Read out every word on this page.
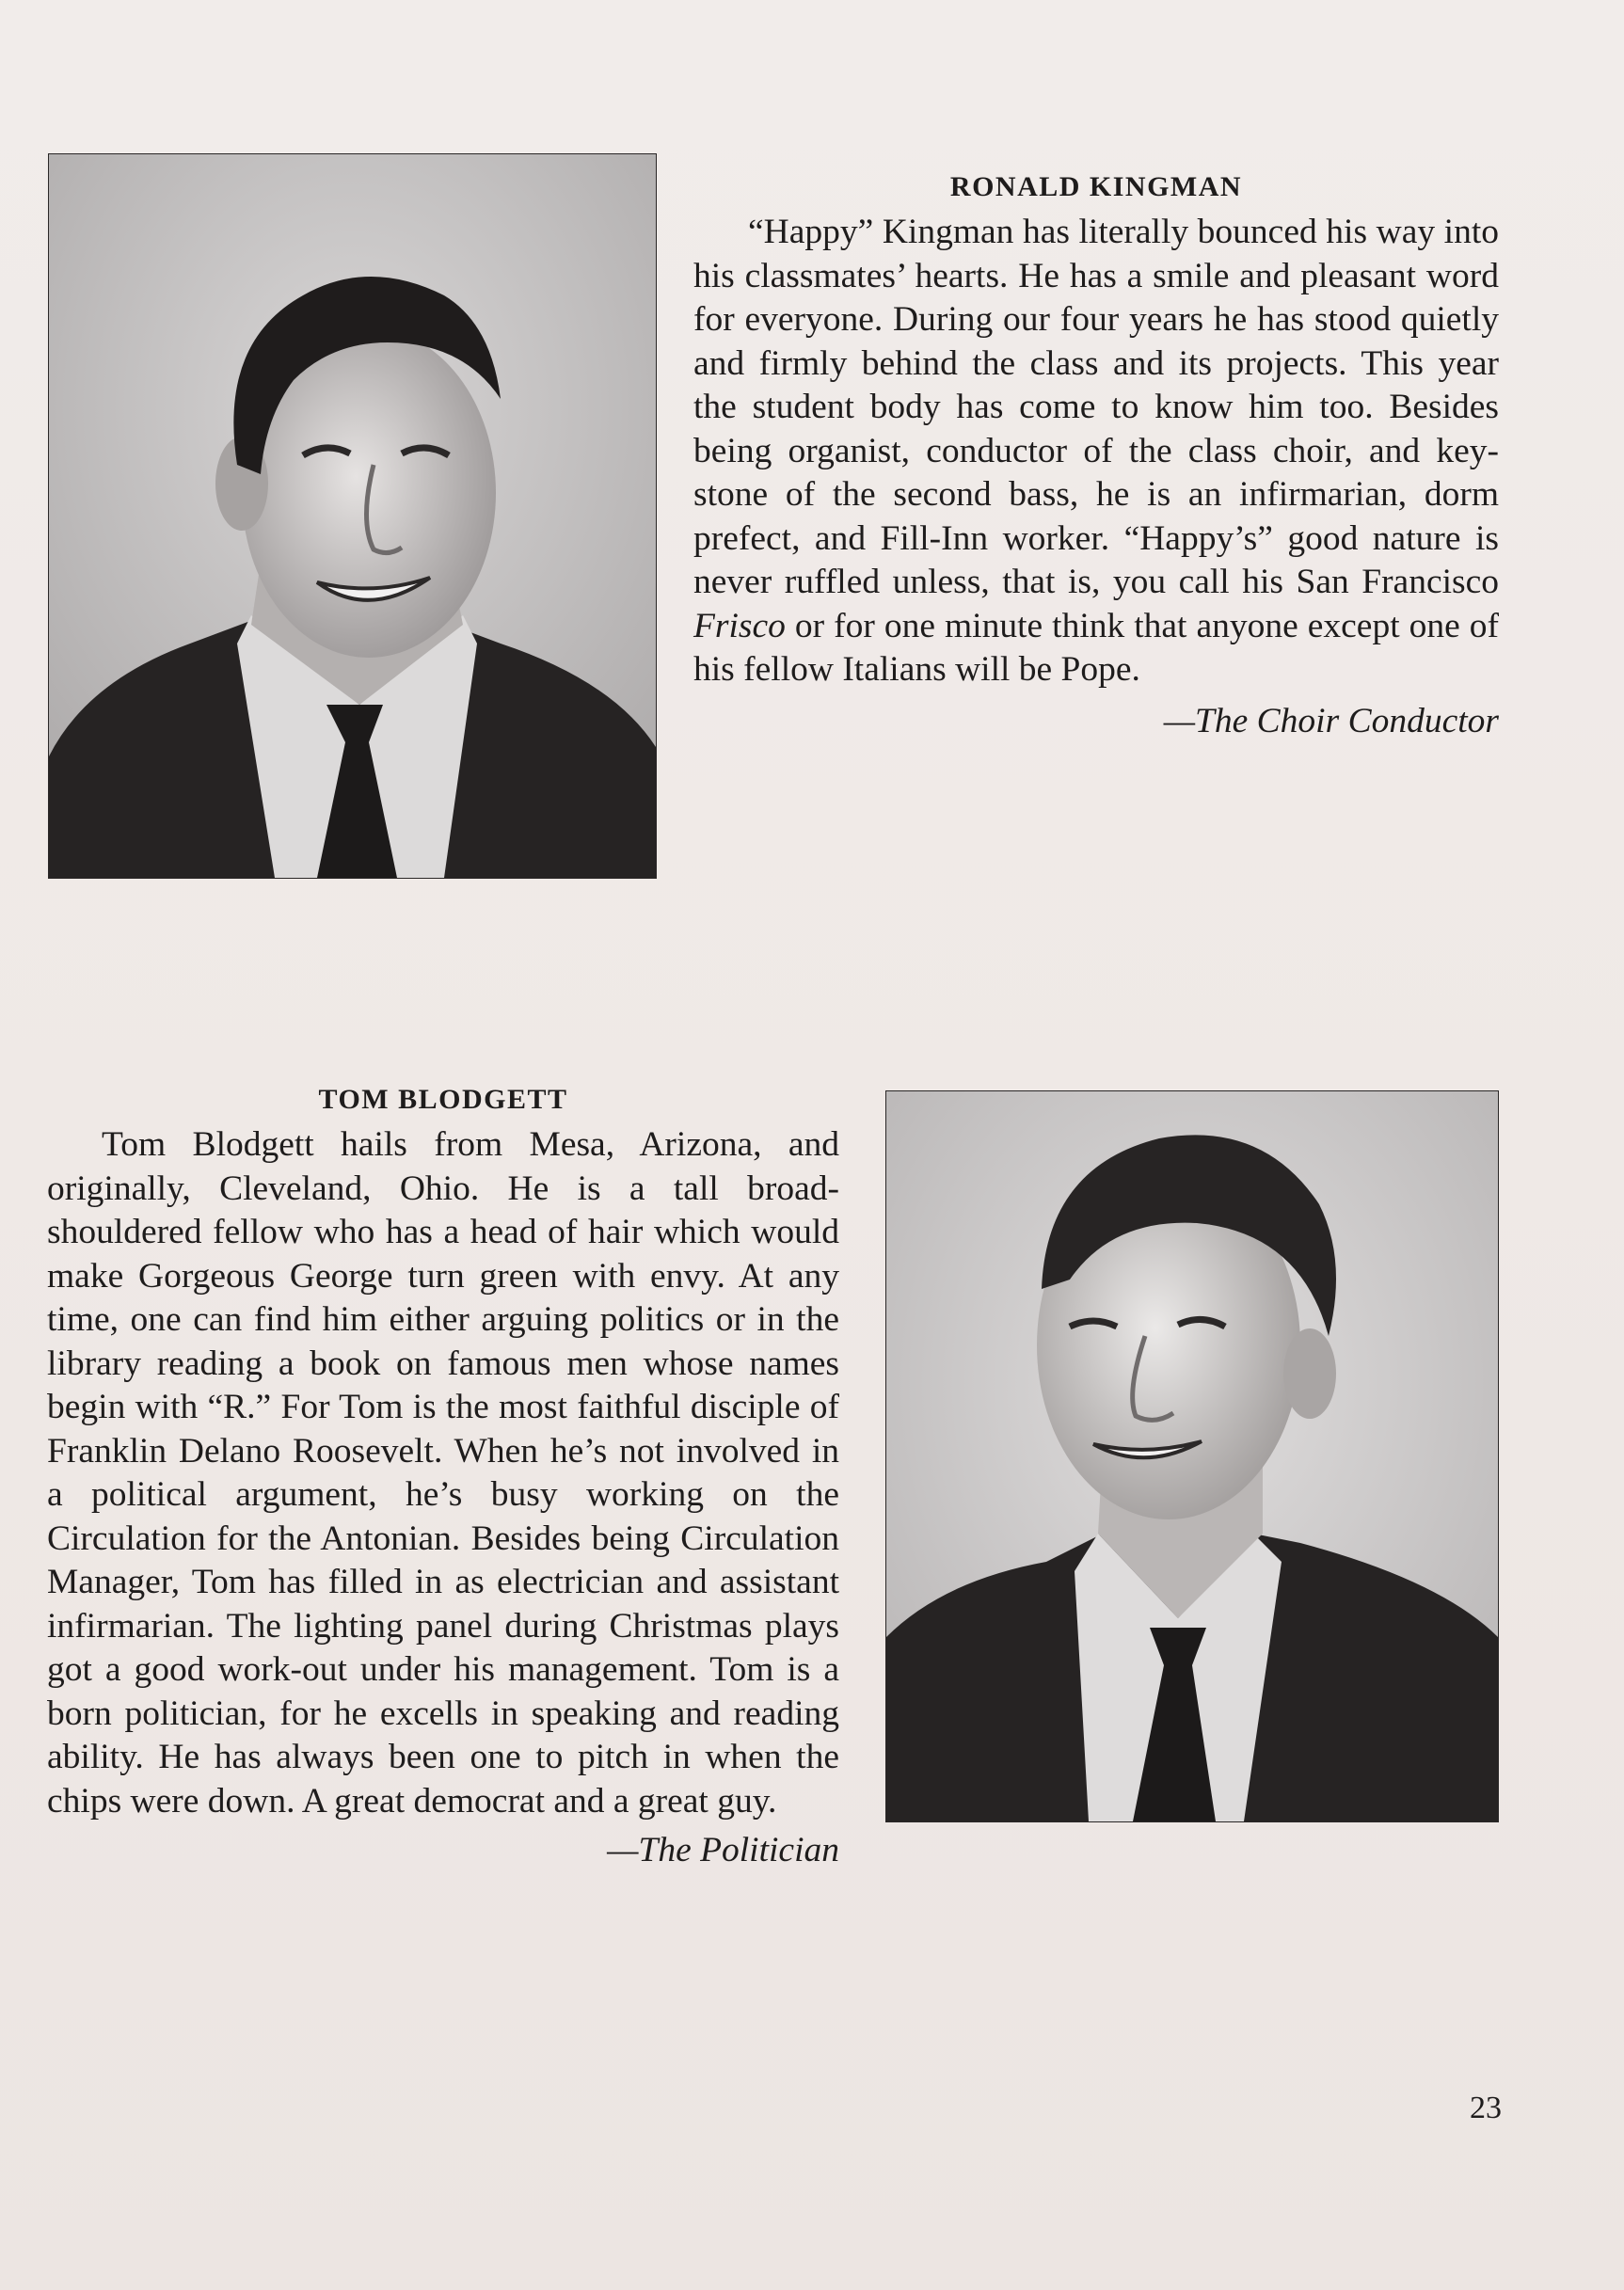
RONALD KINGMAN

“Happy” Kingman has literally bounced his way into his classmates’ hearts. He has a smile and pleasant word for everyone. During our four years he has stood quietly and firmly behind the class and its projects. This year the student body has come to know him too. Besides being organist, conductor of the class choir, and key-stone of the second bass, he is an infirmarian, dorm prefect, and Fill-Inn worker. “Happy’s” good nature is never ruffled unless, that is, you call his San Francisco Frisco or for one minute think that anyone except one of his fellow Italians will be Pope.

—The Choir Conductor

TOM BLODGETT

Tom Blodgett hails from Mesa, Arizona, and originally, Cleveland, Ohio. He is a tall broad-shouldered fellow who has a head of hair which would make Gorgeous George turn green with envy. At any time, one can find him either arguing politics or in the library reading a book on famous men whose names begin with “R.” For Tom is the most faithful disciple of Franklin Delano Roosevelt. When he’s not involved in a political argument, he’s busy working on the Circulation for the Antonian. Besides being Circulation Manager, Tom has filled in as electrician and assistant infirmarian. The lighting panel during Christmas plays got a good work-out under his management. Tom is a born politician, for he excells in speaking and reading ability. He has always been one to pitch in when the chips were down. A great democrat and a great guy.

—The Politician

23
